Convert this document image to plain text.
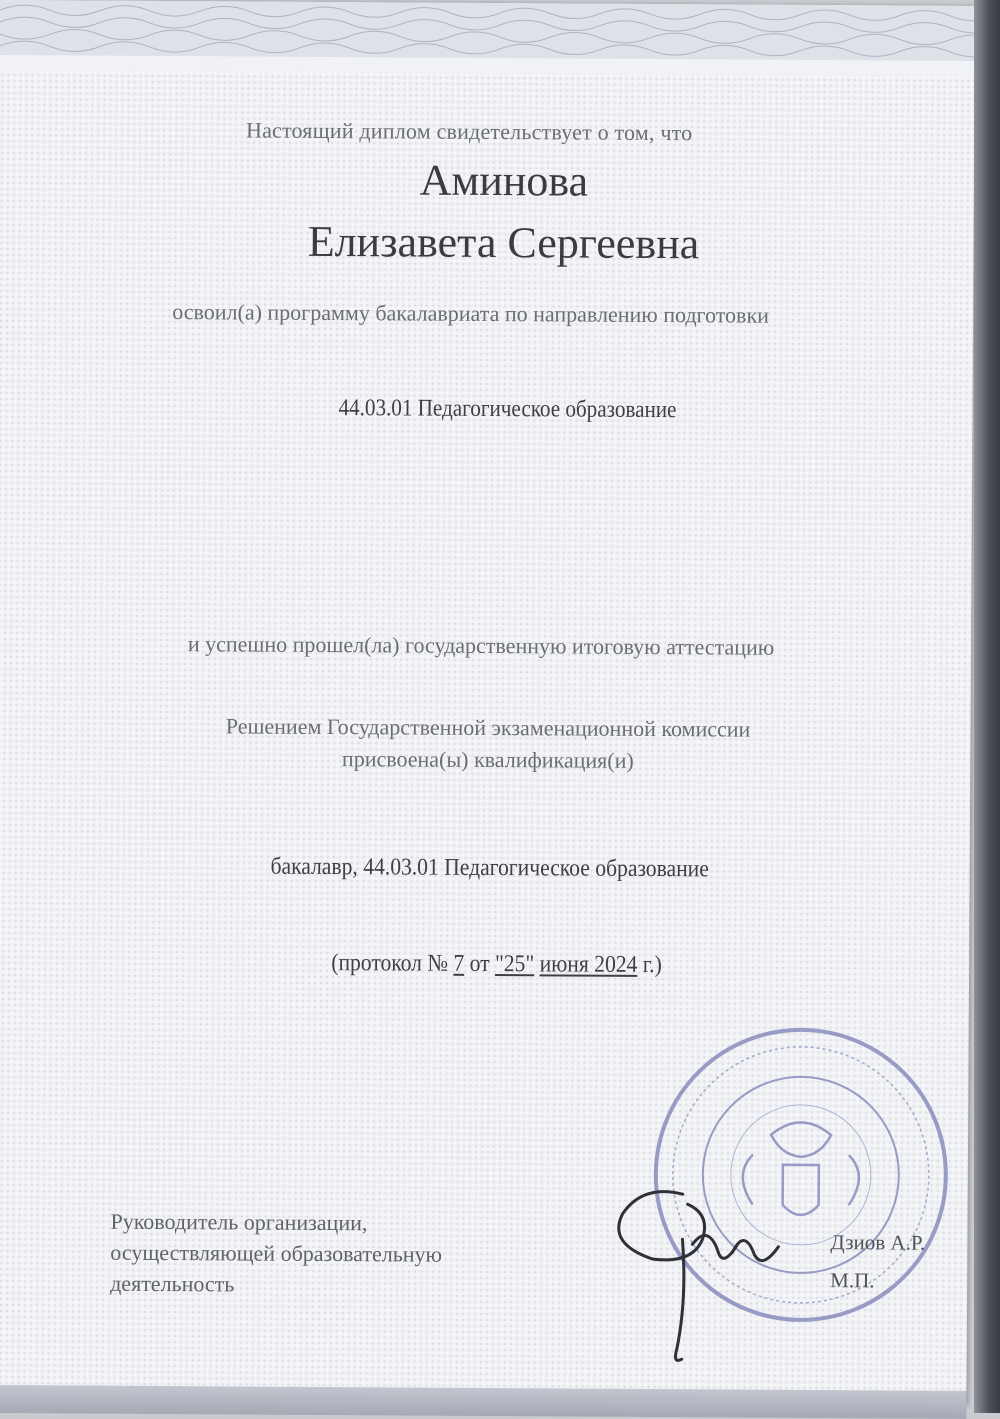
Настоящий диплом свидетельствует о том, что
Аминова
Елизавета Сергеевна
освоил(а) программу бакалавриата по направлению подготовки
44.03.01 Педагогическое образование
и успешно прошел(ла) государственную итоговую аттестацию
Решением Государственной экзаменационной комиссии
присвоена(ы) квалификация(и)
бакалавр, 44.03.01 Педагогическое образование
(протокол № 7 от "25" июня 2024 г.)
Руководитель организации,
осуществляющей образовательную
деятельность
Дзиов А.Р.
М.П.
